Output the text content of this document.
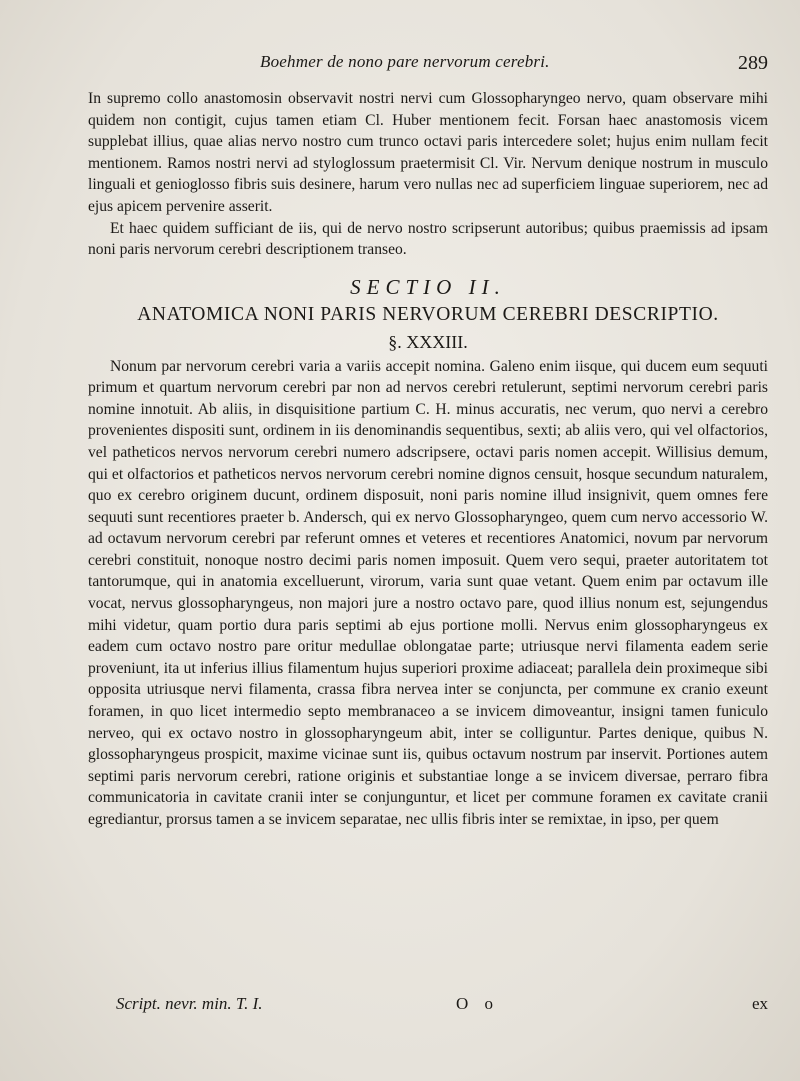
Boehmer de nono pare nervorum cerebri.	289

In supremo collo anastomosin observavit nostri nervi cum Glossopharyngeo nervo, quam observare mihi quidem non contigit, cujus tamen etiam Cl. Huber mentionem fecit. Forsan haec anastomosis vicem supplebat illius, quae alias nervo nostro cum trunco octavi paris intercedere solet; hujus enim nullam fecit mentionem. Ramos nostri nervi ad styloglossum praetermisit Cl. Vir. Nervum denique nostrum in musculo linguali et genioglosso fibris suis desinere, harum vero nullas nec ad superficiem linguae superiorem, nec ad ejus apicem pervenire asserit.

Et haec quidem sufficiant de iis, qui de nervo nostro scripserunt autoribus; quibus praemissis ad ipsam noni paris nervorum cerebri descriptionem transeo.

SECTIO II.
ANATOMICA NONI PARIS NERVORUM CEREBRI DESCRIPTIO.
§. XXXIII.

Nonum par nervorum cerebri varia a variis accepit nomina. Galeno enim iisque, qui ducem eum sequuti primum et quartum nervorum cerebri par non ad nervos cerebri retulerunt, septimi nervorum cerebri paris nomine innotuit. Ab aliis, in disquisitione partium C. H. minus accuratis, nec verum, quo nervi a cerebro provenientes dispositi sunt, ordinem in iis denominandis sequentibus, sexti; ab aliis vero, qui vel olfactorios, vel patheticos nervos nervorum cerebri numero adscripsere, octavi paris nomen accepit. Willisius demum, qui et olfactorios et patheticos nervos nervorum cerebri nomine dignos censuit, hosque secundum naturalem, quo ex cerebro originem ducunt, ordinem disposuit, noni paris nomine illud insignivit, quem omnes fere sequuti sunt recentiores praeter b. Andersch, qui ex nervo Glossopharyngeo, quem cum nervo accessorio W. ad octavum nervorum cerebri par referunt omnes et veteres et recentiores Anatomici, novum par nervorum cerebri constituit, nonoque nostro decimi paris nomen imposuit. Quem vero sequi, praeter autoritatem tot tantorumque, qui in anatomia excelluerunt, virorum, varia sunt quae vetant. Quem enim par octavum ille vocat, nervus glossopharyngeus, non majori jure a nostro octavo pare, quod illius nonum est, sejungendus mihi videtur, quam portio dura paris septimi ab ejus portione molli. Nervus enim glossopharyngeus ex eadem cum octavo nostro pare oritur medullae oblongatae parte; utriusque nervi filamenta eadem serie proveniunt, ita ut inferius illius filamentum hujus superiori proxime adiaceat; parallela dein proximeque sibi opposita utriusque nervi filamenta, crassa fibra nervea inter se conjuncta, per commune ex cranio exeunt foramen, in quo licet intermedio septo membranaceo a se invicem dimoveantur, insigni tamen funiculo nerveo, qui ex octavo nostro in glossopharyngeum abit, inter se colliguntur. Partes denique, quibus N. glossopharyngeus prospicit, maxime vicinae sunt iis, quibus octavum nostrum par inservit. Portiones autem septimi paris nervorum cerebri, ratione originis et substantiae longe a se invicem diversae, perraro fibra communicatoria in cavitate cranii inter se conjunguntur, et licet per commune foramen ex cavitate cranii egrediantur, prorsus tamen a se invicem separatae, nec ullis fibris inter se remixtae, in ipso, per quem

Script. nevr. min. T. I.	O o	ex
